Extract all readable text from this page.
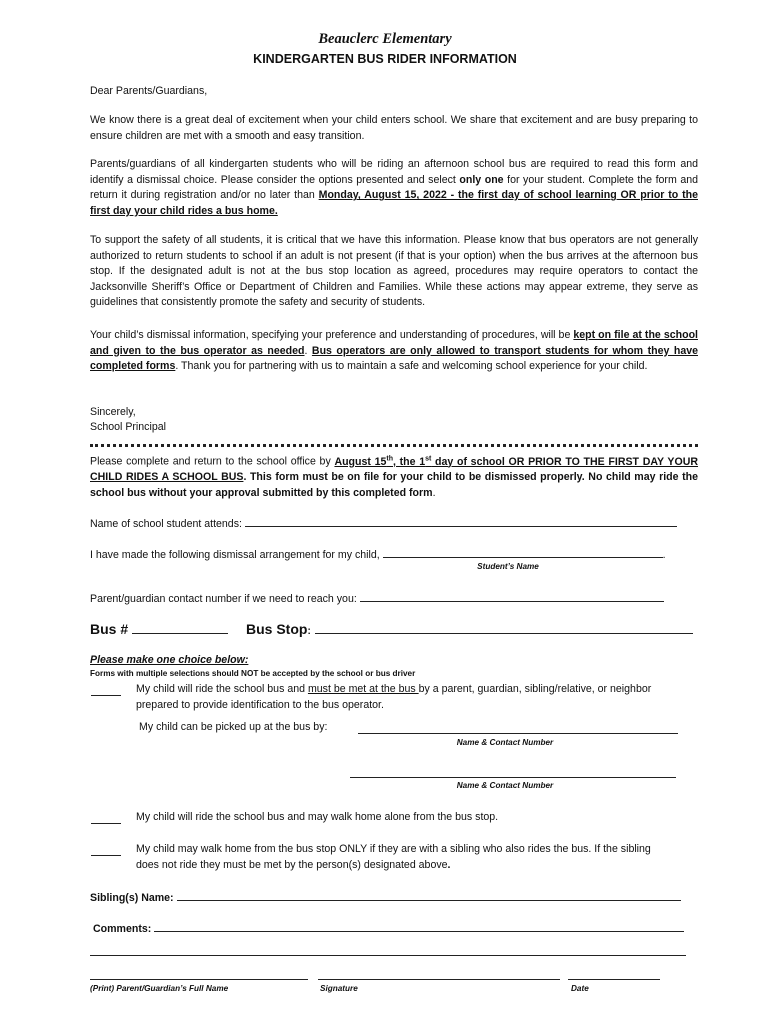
Beauclerc Elementary
KINDERGARTEN BUS RIDER INFORMATION

Dear Parents/Guardians,

We know there is a great deal of excitement when your child enters school. We share that excitement and are busy preparing to ensure children are met with a smooth and easy transition.

Parents/guardians of all kindergarten students who will be riding an afternoon school bus are required to read this form and identify a dismissal choice. Please consider the options presented and select only one for your student. Complete the form and return it during registration and/or no later than Monday, August 15, 2022 - the first day of school learning OR prior to the first day your child rides a bus home.

To support the safety of all students, it is critical that we have this information. Please know that bus operators are not generally authorized to return students to school if an adult is not present (if that is your option) when the bus arrives at the afternoon bus stop. If the designated adult is not at the bus stop location as agreed, procedures may require operators to contact the Jacksonville Sheriff’s Office or Department of Children and Families. While these actions may appear extreme, they serve as guidelines that consistently promote the safety and security of students.

Your child’s dismissal information, specifying your preference and understanding of procedures, will be kept on file at the school and given to the bus operator as needed. Bus operators are only allowed to transport students for whom they have completed forms. Thank you for partnering with us to maintain a safe and welcoming school experience for your child.

Sincerely,

School Principal

Please complete and return to the school office by August 15th, the 1st day of school OR PRIOR TO THE FIRST DAY YOUR CHILD RIDES A SCHOOL BUS. This form must be on file for your child to be dismissed properly. No child may ride the school bus without your approval submitted by this completed form.

Name of school student attends:
I have made the following dismissal arrangement for my child,	.
Student’s Name
Parent/guardian contact number if we need to reach you:
Bus #	Bus Stop:
Please make one choice below:
Forms with multiple selections should NOT be accepted by the school or bus driver

My child will ride the school bus and must be met at the bus by a parent, guardian, sibling/relative, or neighbor prepared to provide identification to the bus operator.

My child can be picked up at the bus by:
Name & Contact Number
Name & Contact Number
My child will ride the school bus and may walk home alone from the bus stop.

My child may walk home from the bus stop ONLY if they are with a sibling who also rides the bus. If the sibling does not ride they must be met by the person(s) designated above.

Sibling(s) Name:
Comments:
(Print) Parent/Guardian’s Full Name	Signature	Date
